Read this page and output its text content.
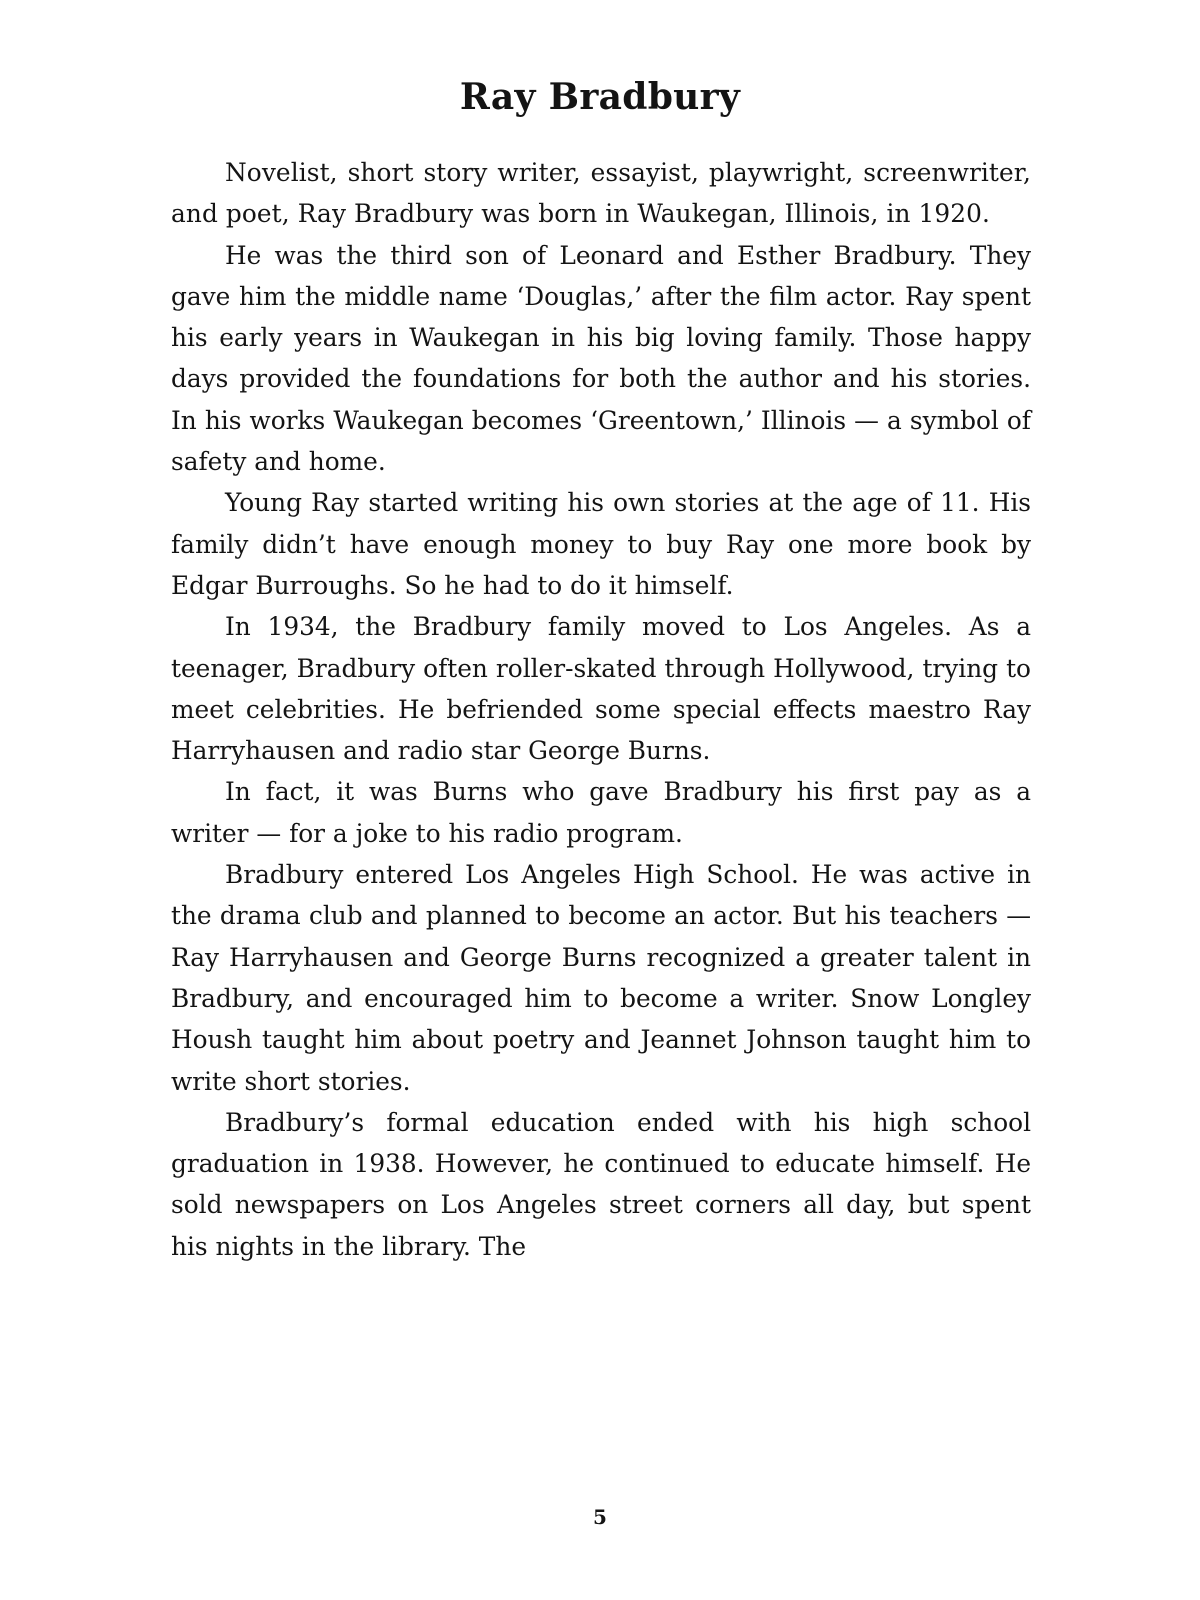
Ray Bradbury

Novelist, short story writer, essayist, playwright, screenwriter, and poet, Ray Bradbury was born in Waukegan, Illinois, in 1920.

He was the third son of Leonard and Esther Bradbury. They gave him the middle name ‘Douglas,’ after the film actor. Ray spent his early years in Waukegan in his big loving family. Those happy days provided the foundations for both the author and his stories. In his works Waukegan becomes ‘Greentown,’ Illinois — a symbol of safety and home.

Young Ray started writing his own stories at the age of 11. His family didn’t have enough money to buy Ray one more book by Edgar Burroughs. So he had to do it himself.

In 1934, the Bradbury family moved to Los Angeles. As a teenager, Bradbury often roller-skated through Hollywood, trying to meet celebrities. He befriended some special effects maestro Ray Harryhausen and radio star George Burns.

In fact, it was Burns who gave Bradbury his first pay as a writer — for a joke to his radio program.

Bradbury entered Los Angeles High School. He was active in the drama club and planned to become an actor. But his teachers — Ray Harryhausen and George Burns recognized a greater talent in Bradbury, and encouraged him to become a writer. Snow Longley Housh taught him about poetry and Jeannet Johnson taught him to write short stories.

Bradbury’s formal education ended with his high school graduation in 1938. However, he continued to educate himself. He sold newspapers on Los Angeles street corners all day, but spent his nights in the library. The

5
